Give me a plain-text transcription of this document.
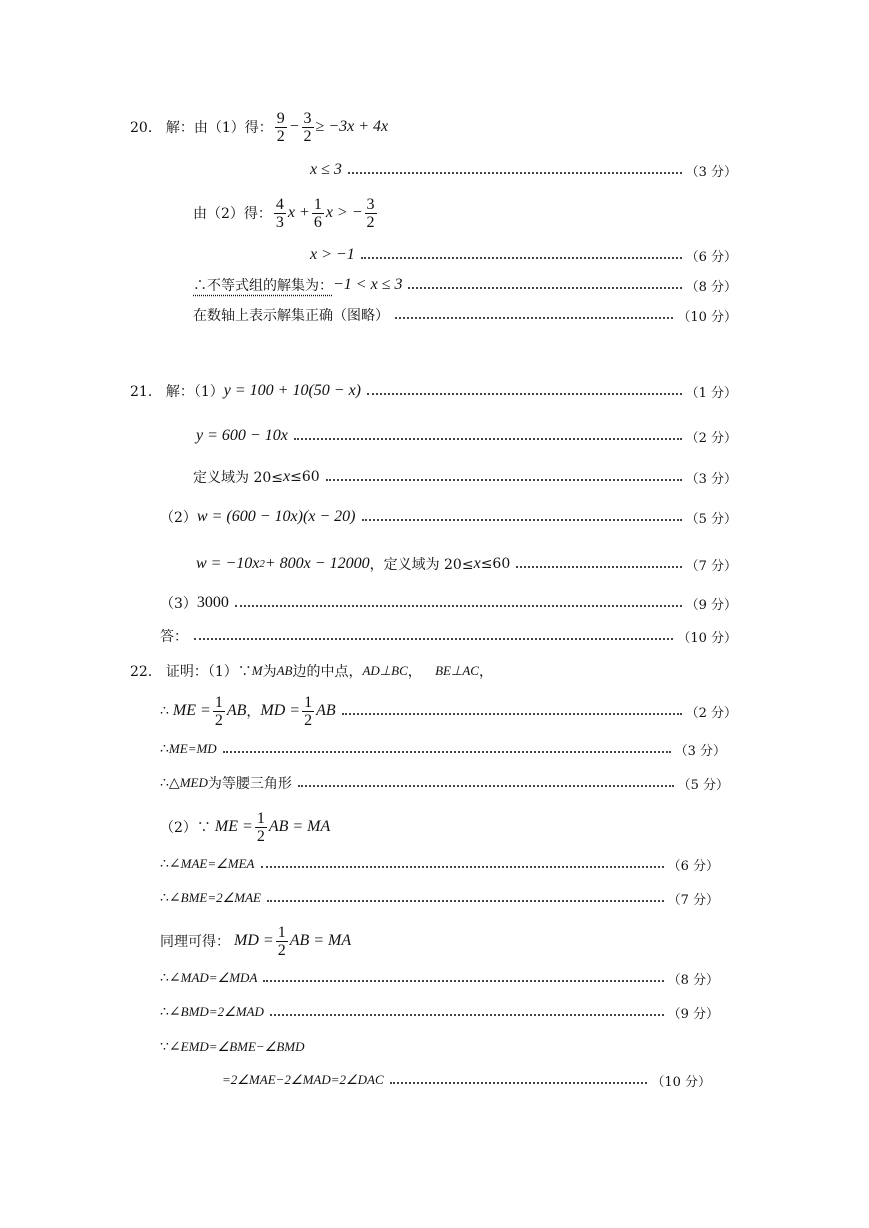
20． 解：由（1）得： $\frac{9}{2} - \frac{3}{2} \ge -3x + 4x$
x ≤ 3	（3 分）
由（2）得： $\frac{4}{3}$ $x + \frac{1}{6}$ x > − $\frac{3}{2}$
x > −1	（6 分）
∴不等式组的解集为： −1 < x ≤ 3	（8 分）
在数轴上表示解集正确（图略）	（10 分）
21． 解：（1） y = 100 + 10(50 − x)	（1 分）
y = 600 − 10x	（2 分）
定义域为 20≤ x ≤60	（3 分）
（2） w = (600 − 10x)(x − 20)	（5 分）
w = −10x 2 + 800x − 12000 ，定义域为 20≤ x ≤60	（7 分）
（3） 3000	（9 分）
答：	（10 分）
22． 证明：（1）∵ M 为 AB 边的中点， AD⊥BC ， BE⊥AC ，
∴ ME = $\frac{1}{2}$ AB ， MD = $\frac{1}{2}$ AB	（2 分）
∴ ME=MD	（3 分）
∴△ MED 为等腰三角形	（5 分）
（2）∵ ME = $\frac{1}{2}$ AB = MA
∴∠ MAE=∠MEA	（6 分）
∴∠ BME=2∠MAE	（7 分）
同理可得： MD = $\frac{1}{2}$ AB = MA
∴∠ MAD=∠MDA	（8 分）
∴∠ BMD=2∠MAD	（9 分）
∵∠ EMD=∠BME−∠BMD
=2∠MAE−2∠MAD=2∠DAC	（10 分）
